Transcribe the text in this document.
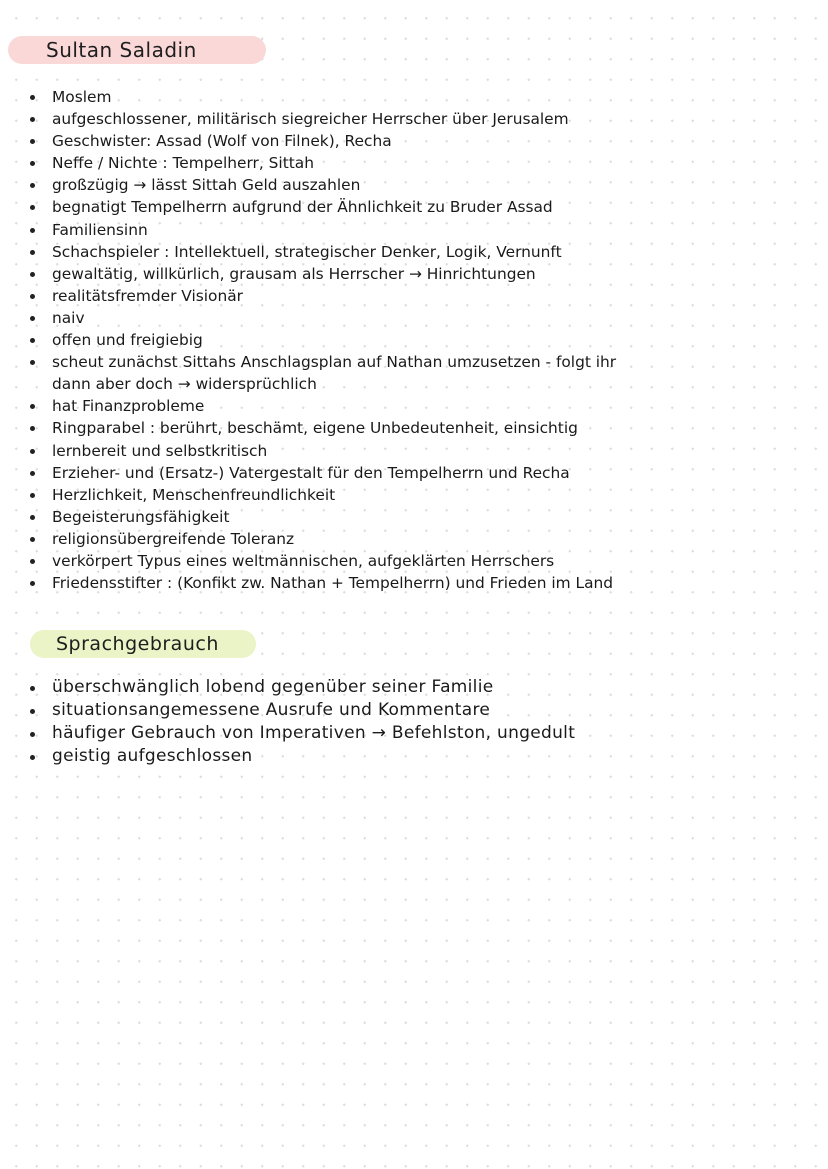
Sultan Saladin
Moslem
aufgeschlossener, militärisch siegreicher Herrscher über Jerusalem
Geschwister: Assad (Wolf von Filnek), Recha
Neffe / Nichte : Tempelherr, Sittah
großzügig → lässt Sittah Geld auszahlen
begnatigt Tempelherrn aufgrund der Ähnlichkeit zu Bruder Assad
Familiensinn
Schachspieler : Intellektuell, strategischer Denker, Logik, Vernunft
gewaltätig, willkürlich, grausam als Herrscher → Hinrichtungen
realitätsfremder Visionär
naiv
offen und freigiebig
scheut zunächst Sittahs Anschlagsplan auf Nathan umzusetzen - folgt ihr
dann aber doch → widersprüchlich
hat Finanzprobleme
Ringparabel : berührt, beschämt, eigene Unbedeutenheit, einsichtig
lernbereit und selbstkritisch
Erzieher- und (Ersatz-) Vatergestalt für den Tempelherrn und Recha
Herzlichkeit, Menschenfreundlichkeit
Begeisterungsfähigkeit
religionsübergreifende Toleranz
verkörpert Typus eines weltmännischen, aufgeklärten Herrschers
Friedensstifter : (Konfikt zw. Nathan + Tempelherrn) und Frieden im Land
Sprachgebrauch
überschwänglich lobend gegenüber seiner Familie
situationsangemessene Ausrufe und Kommentare
häufiger Gebrauch von Imperativen → Befehlston, ungedult
geistig aufgeschlossen
